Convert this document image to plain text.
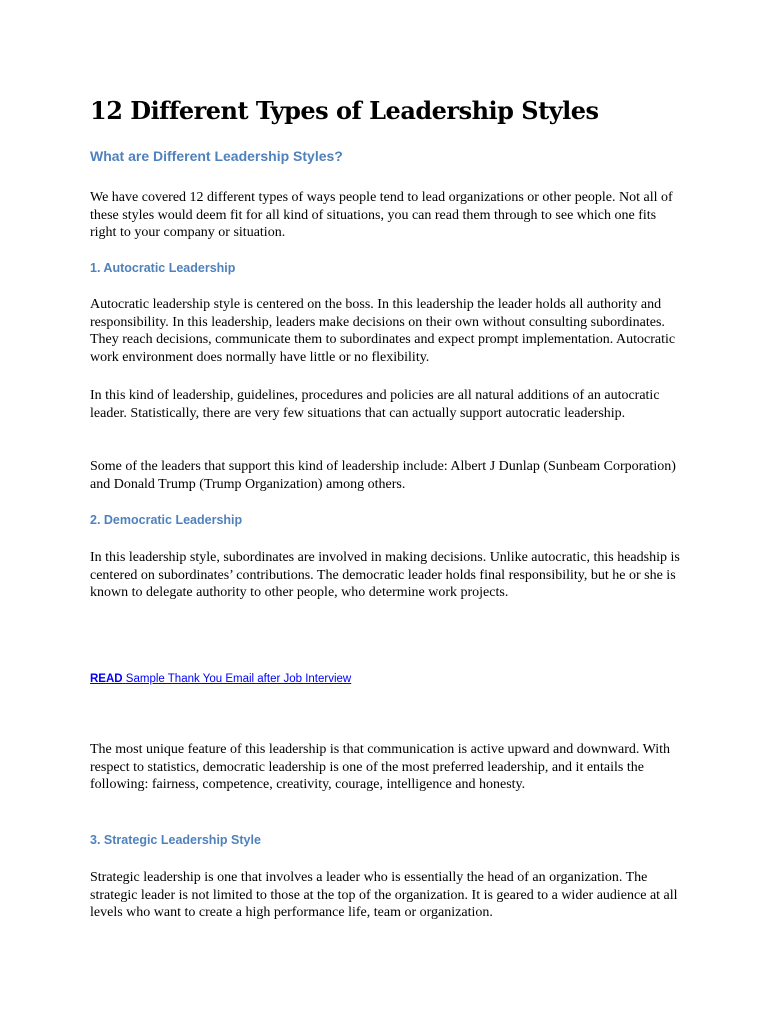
12 Different Types of Leadership Styles
What are Different Leadership Styles?

We have covered 12 different types of ways people tend to lead organizations or other people. Not all of these styles would deem fit for all kind of situations, you can read them through to see which one fits right to your company or situation.

1. Autocratic Leadership

Autocratic leadership style is centered on the boss. In this leadership the leader holds all authority and responsibility. In this leadership, leaders make decisions on their own without consulting subordinates. They reach decisions, communicate them to subordinates and expect prompt implementation. Autocratic work environment does normally have little or no flexibility.

In this kind of leadership, guidelines, procedures and policies are all natural additions of an autocratic leader. Statistically, there are very few situations that can actually support autocratic leadership.

Some of the leaders that support this kind of leadership include: Albert J Dunlap (Sunbeam Corporation) and Donald Trump (Trump Organization) among others.

2. Democratic Leadership

In this leadership style, subordinates are involved in making decisions. Unlike autocratic, this headship is centered on subordinates’ contributions. The democratic leader holds final responsibility, but he or she is known to delegate authority to other people, who determine work projects.

READ Sample Thank You Email after Job Interview

The most unique feature of this leadership is that communication is active upward and downward. With respect to statistics, democratic leadership is one of the most preferred leadership, and it entails the following: fairness, competence, creativity, courage, intelligence and honesty.

3. Strategic Leadership Style

Strategic leadership is one that involves a leader who is essentially the head of an organization. The strategic leader is not limited to those at the top of the organization. It is geared to a wider audience at all levels who want to create a high performance life, team or organization.
